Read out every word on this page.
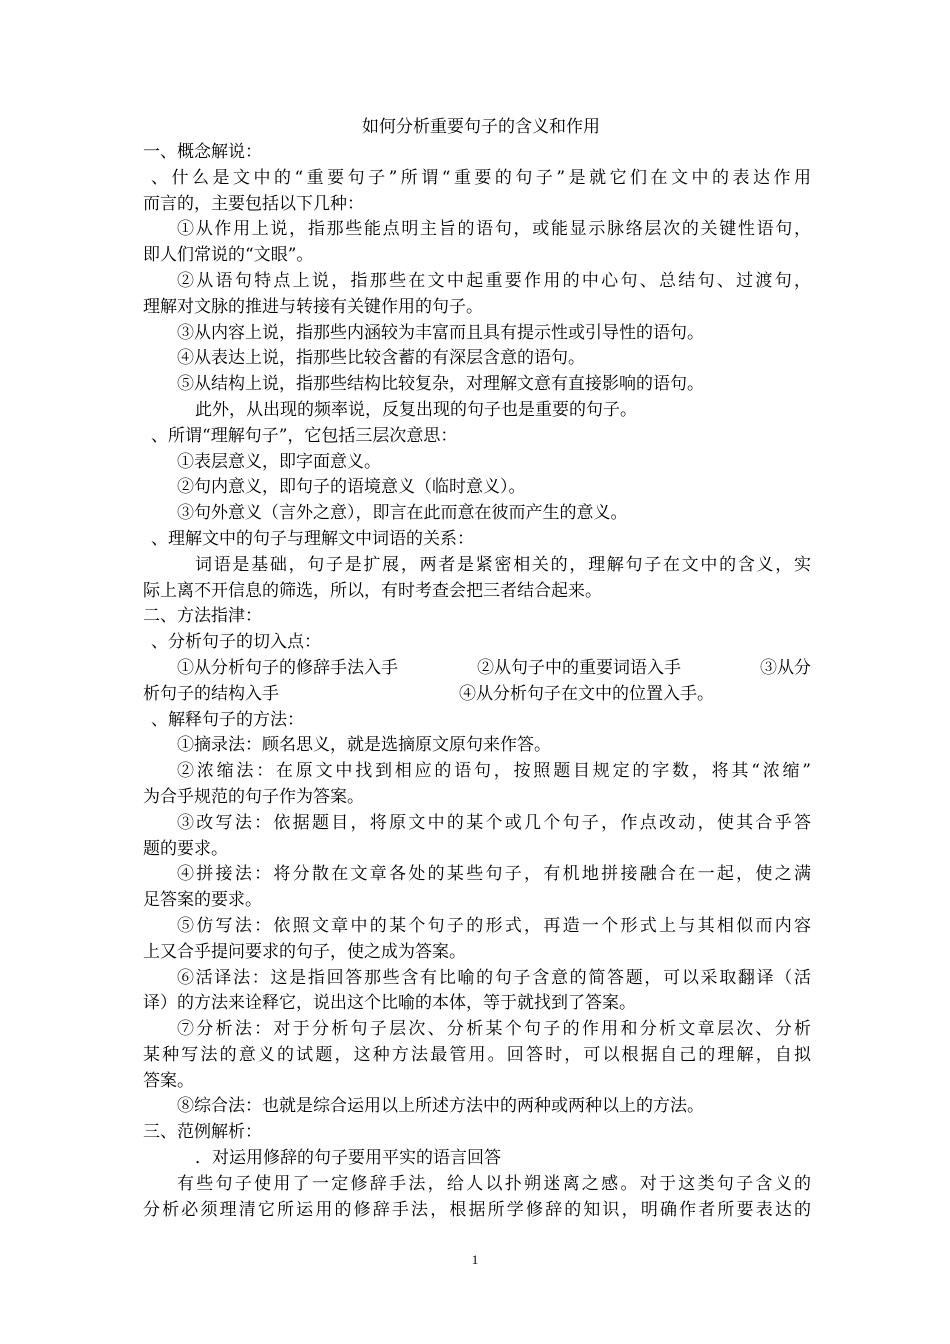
如何分析重要句子的含义和作用
一、概念解说：
、什么是文中的“重要句子”所谓“重要的句子”是就它们在文中的表达作用
而言的，主要包括以下几种：
①从作用上说，指那些能点明主旨的语句，或能显示脉络层次的关键性语句，
即人们常说的“文眼”。
②从语句特点上说，指那些在文中起重要作用的中心句、总结句、过渡句，
理解对文脉的推进与转接有关键作用的句子。
③从内容上说，指那些内涵较为丰富而且具有提示性或引导性的语句。
④从表达上说，指那些比较含蓄的有深层含意的语句。
⑤从结构上说，指那些结构比较复杂，对理解文意有直接影响的语句。
此外，从出现的频率说，反复出现的句子也是重要的句子。
、所谓“理解句子”，它包括三层次意思：
①表层意义，即字面意义。
②句内意义，即句子的语境意义（临时意义）。
③句外意义（言外之意），即言在此而意在彼而产生的意义。
、理解文中的句子与理解文中词语的关系：
词语是基础，句子是扩展，两者是紧密相关的，理解句子在文中的含义，实
际上离不开信息的筛选，所以，有时考查会把三者结合起来。
二、方法指津：
、分析句子的切入点：
①从分析句子的修辞手法入手	②从句子中的重要词语入手	③从分
析句子的结构入手	④从分析句子在文中的位置入手。
、解释句子的方法：
①摘录法：顾名思义，就是选摘原文原句来作答。
②浓缩法：在原文中找到相应的语句，按照题目规定的字数，将其“浓缩”
为合乎规范的句子作为答案。
③改写法：依据题目，将原文中的某个或几个句子，作点改动，使其合乎答
题的要求。
④拼接法：将分散在文章各处的某些句子，有机地拼接融合在一起，使之满
足答案的要求。
⑤仿写法：依照文章中的某个句子的形式，再造一个形式上与其相似而内容
上又合乎提问要求的句子，使之成为答案。
⑥活译法：这是指回答那些含有比喻的句子含意的简答题，可以采取翻译（活
译）的方法来诠释它，说出这个比喻的本体，等于就找到了答案。
⑦分析法：对于分析句子层次、分析某个句子的作用和分析文章层次、分析
某种写法的意义的试题，这种方法最管用。回答时，可以根据自己的理解，自拟
答案。
⑧综合法：也就是综合运用以上所述方法中的两种或两种以上的方法。
三、范例解析：
．对运用修辞的句子要用平实的语言回答
有些句子使用了一定修辞手法，给人以扑朔迷离之感。对于这类句子含义的
分析必须理清它所运用的修辞手法，根据所学修辞的知识，明确作者所要表达的
1
